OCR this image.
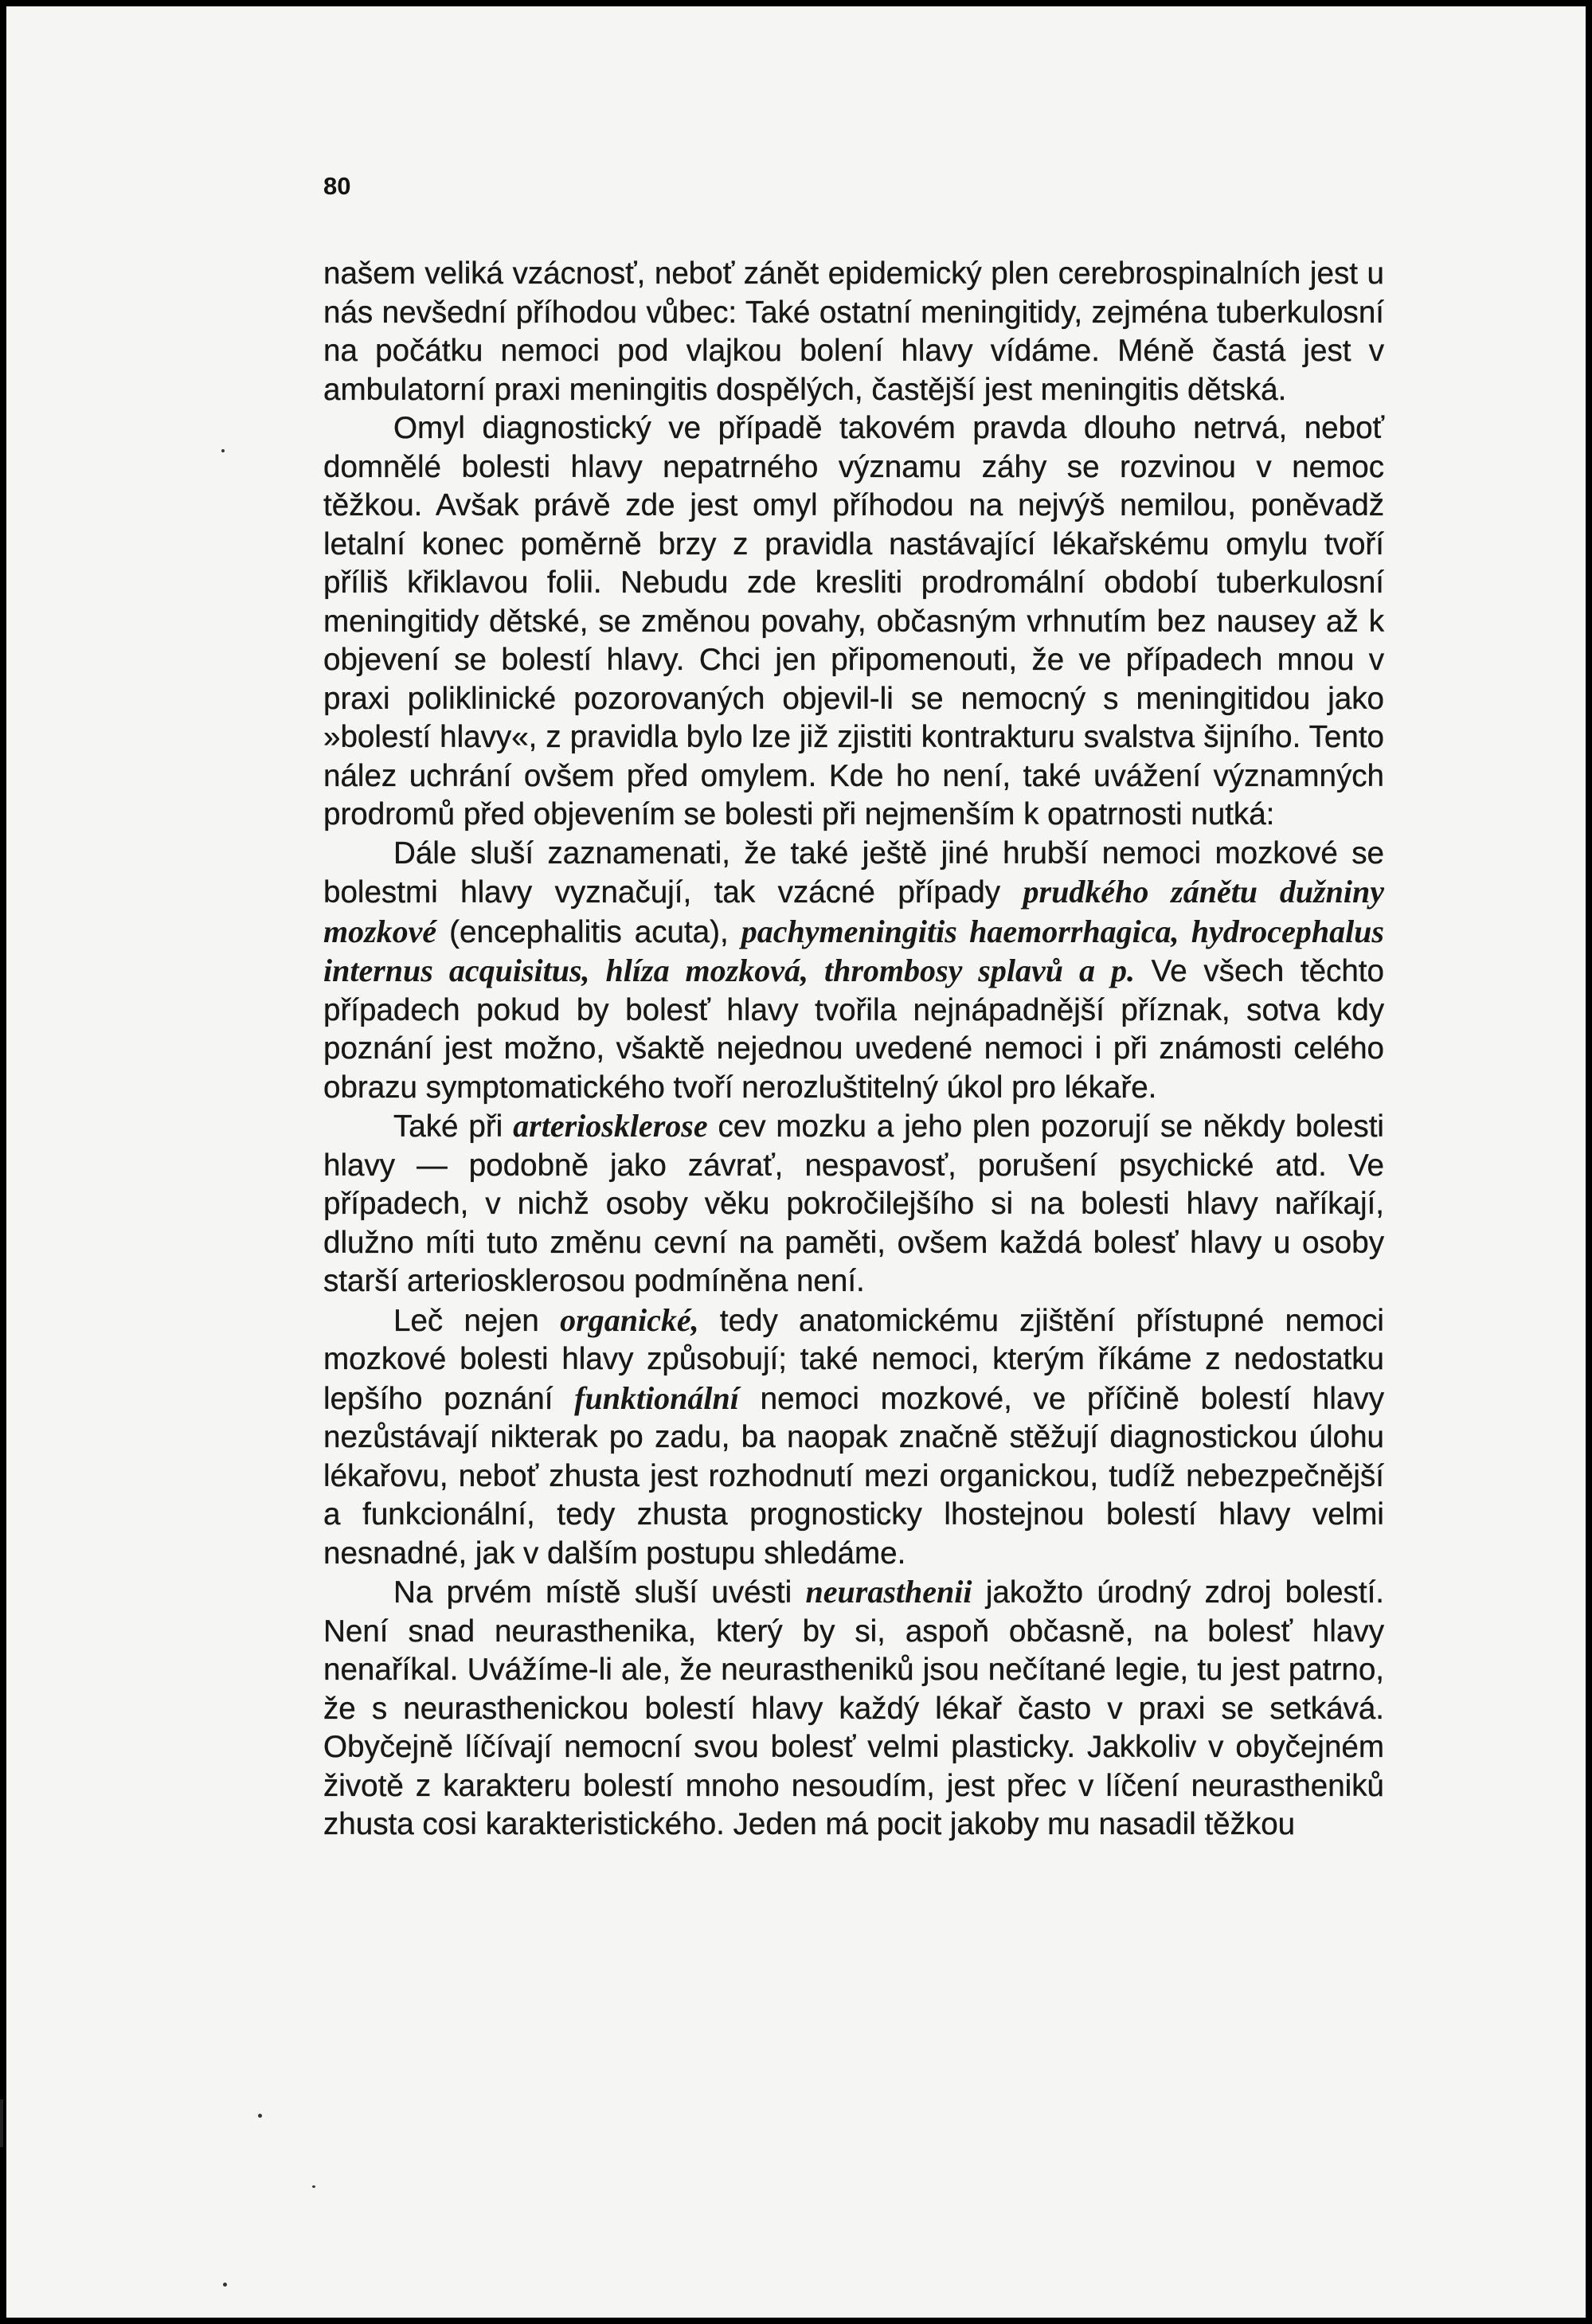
80

našem veliká vzácnosť, neboť zánět epidemický plen cerebrospinalních jest u nás nevšední příhodou vůbec: Také ostatní meningitidy, zejména tuberkulosní na počátku nemoci pod vlajkou bolení hlavy vídáme. Méně častá jest v ambulatorní praxi meningitis dospělých, častější jest meningitis dětská.

Omyl diagnostický ve případě takovém pravda dlouho netrvá, neboť domnělé bolesti hlavy nepatrného významu záhy se rozvinou v nemoc těžkou. Avšak právě zde jest omyl příhodou na nejvýš nemilou, poněvadž letalní konec poměrně brzy z pravidla nastávající lékařskému omylu tvoří příliš křiklavou folii. Nebudu zde kresliti prodromální období tuberkulosní meningitidy dětské, se změnou povahy, občasným vrhnutím bez nausey až k objevení se bolestí hlavy. Chci jen připomenouti, že ve případech mnou v praxi poliklinické pozorovaných objevil-li se nemocný s meningitidou jako »bolestí hlavy«, z pravidla bylo lze již zjistiti kontrakturu svalstva šijního. Tento nález uchrání ovšem před omylem. Kde ho není, také uvážení významných prodromů před objevením se bolesti při nejmenším k opatrnosti nutká:

Dále sluší zaznamenati, že také ještě jiné hrubší nemoci mozkové se bolestmi hlavy vyznačují, tak vzácné případy prudkého zánětu dužniny mozkové (encephalitis acuta), pachymeningitis haemorrhagica, hydrocephalus internus acquisitus, hlíza mozková, thrombosy splavů a p. Ve všech těchto případech pokud by bolesť hlavy tvořila nejnápadnější příznak, sotva kdy poznání jest možno, všaktě nejednou uvedené nemoci i při známosti celého obrazu symptomatického tvoří nerozluštitelný úkol pro lékaře.

Také při arteriosklerose cev mozku a jeho plen pozorují se někdy bolesti hlavy — podobně jako závrať, nespavosť, porušení psychické atd. Ve případech, v nichž osoby věku pokročilejšího si na bolesti hlavy naříkají, dlužno míti tuto změnu cevní na paměti, ovšem každá bolesť hlavy u osoby starší arteriosklerosou podmíněna není.

Leč nejen organické, tedy anatomickému zjištění přístupné nemoci mozkové bolesti hlavy způsobují; také nemoci, kterým říkáme z nedostatku lepšího poznání funktionální nemoci mozkové, ve příčině bolestí hlavy nezůstávají nikterak po zadu, ba naopak značně stěžují diagnostickou úlohu lékařovu, neboť zhusta jest rozhodnutí mezi organickou, tudíž nebezpečnější a funkcionální, tedy zhusta prognosticky lhostejnou bolestí hlavy velmi nesnadné, jak v dalším postupu shledáme.

Na prvém místě sluší uvésti neurasthenii jakožto úrodný zdroj bolestí. Není snad neurasthenika, který by si, aspoň občasně, na bolesť hlavy nenaříkal. Uvážíme-li ale, že neurastheniků jsou nečítané legie, tu jest patrno, že s neurasthenickou bolestí hlavy každý lékař často v praxi se setkává. Obyčejně líčívají nemocní svou bolesť velmi plasticky. Jakkoliv v obyčejném životě z karakteru bolestí mnoho nesoudím, jest přec v líčení neurastheniků zhusta cosi karakteristického. Jeden má pocit jakoby mu nasadil těžkou
